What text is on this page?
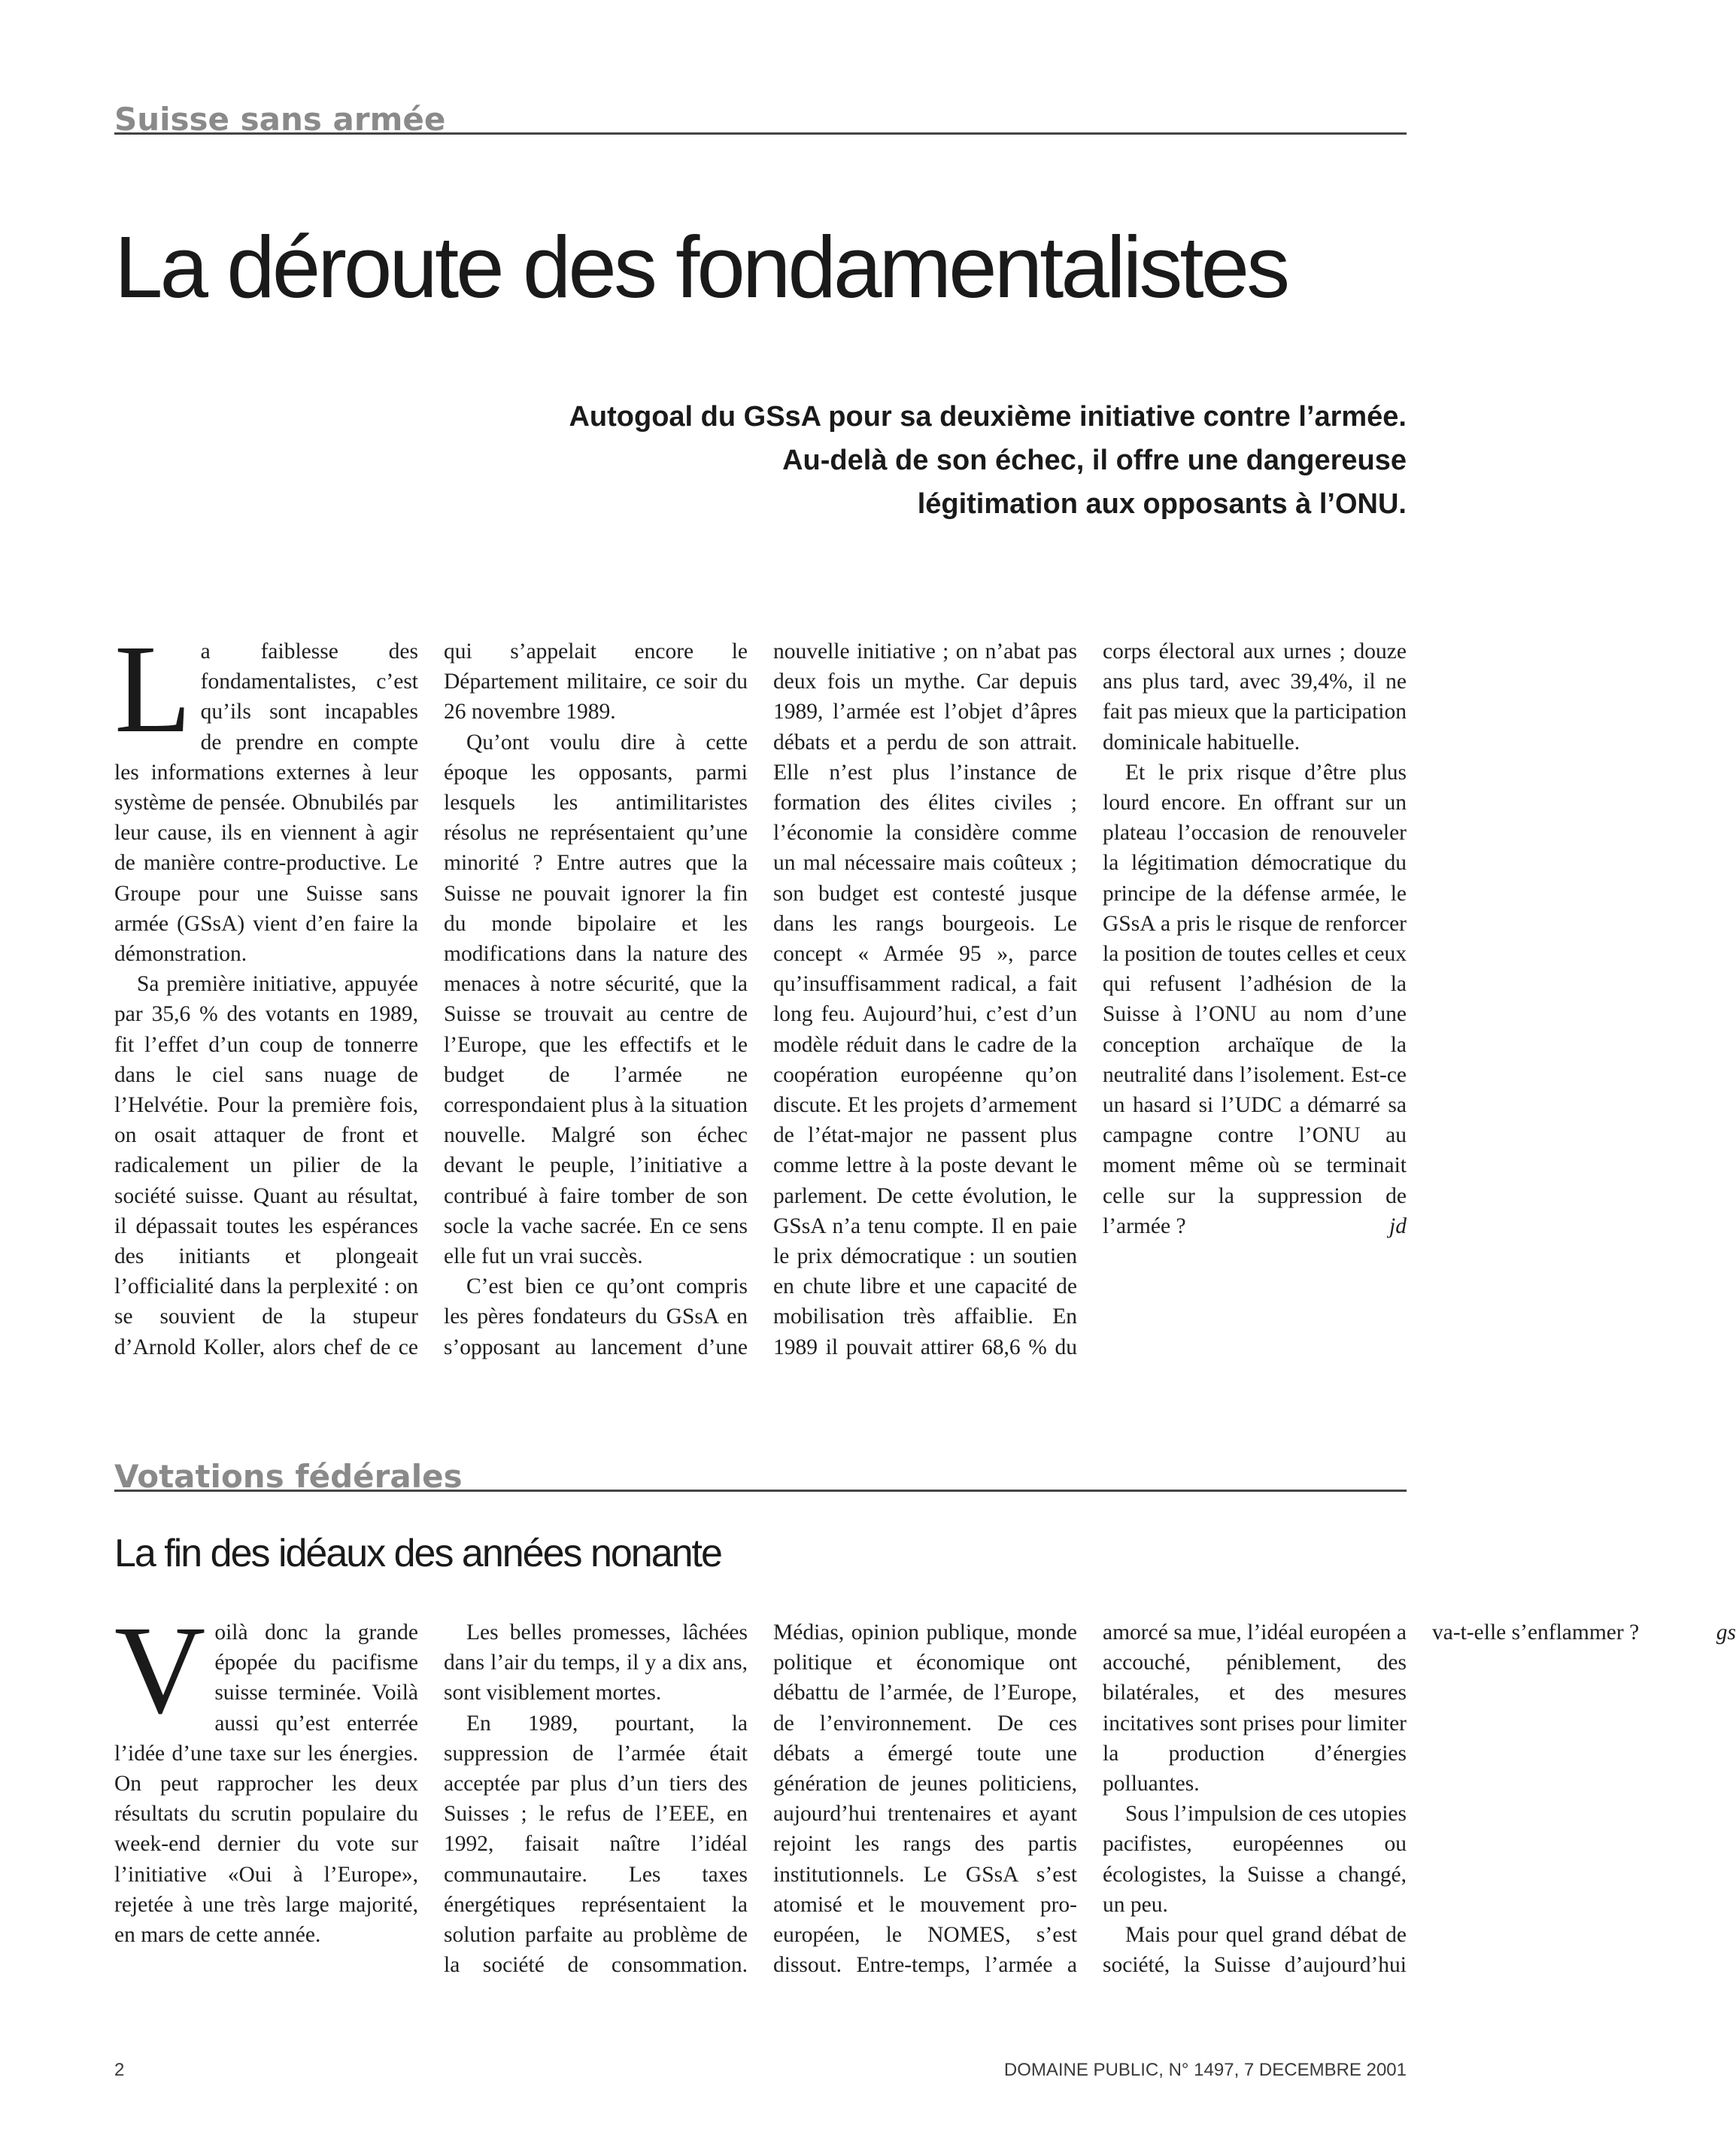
Suisse sans armée
La déroute des fondamentalistes
Autogoal du GSsA pour sa deuxième initiative contre l’armée.
Au-delà de son échec, il offre une dangereuse
légitimation aux opposants à l’ONU.

La faiblesse des fondamentalistes, c’est qu’ils sont incapables de prendre en compte les informations externes à leur système de pensée. Obnubilés par leur cause, ils en viennent à agir de manière contre-productive. Le Groupe pour une Suisse sans armée (GSsA) vient d’en faire la démonstration.

Sa première initiative, appuyée par 35,6 % des votants en 1989, fit l’effet d’un coup de tonnerre dans le ciel sans nuage de l’Helvétie. Pour la première fois, on osait attaquer de front et radicalement un pilier de la société suisse. Quant au résultat, il dépassait toutes les espérances des initiants et plongeait l’officialité dans la perplexité : on se souvient de la stupeur d’Arnold Koller, alors chef de ce qui s’appelait encore le Département militaire, ce soir du 26 novembre 1989.

Qu’ont voulu dire à cette époque les opposants, parmi lesquels les antimilitaristes résolus ne représentaient qu’une minorité ? Entre autres que la Suisse ne pouvait ignorer la fin du monde bipolaire et les modifications dans la nature des menaces à notre sécurité, que la Suisse se trouvait au centre de l’Europe, que les effectifs et le budget de l’armée ne correspondaient plus à la situation nouvelle. Malgré son échec devant le peuple, l’initiative a contribué à faire tomber de son socle la vache sacrée. En ce sens elle fut un vrai succès.

C’est bien ce qu’ont compris les pères fondateurs du GSsA en s’opposant au lancement d’une nouvelle initiative ; on n’abat pas deux fois un mythe. Car depuis 1989, l’armée est l’objet d’âpres débats et a perdu de son attrait. Elle n’est plus l’instance de formation des élites civiles ; l’économie la considère comme un mal nécessaire mais coûteux ; son budget est contesté jusque dans les rangs bourgeois. Le concept « Armée 95 », parce qu’insuffisamment radical, a fait long feu. Aujourd’hui, c’est d’un modèle réduit dans le cadre de la coopération européenne qu’on discute. Et les projets d’armement de l’état-major ne passent plus comme lettre à la poste devant le parlement. De cette évolution, le GSsA n’a tenu compte. Il en paie le prix démocratique : un soutien en chute libre et une capacité de mobilisation très affaiblie. En 1989 il pouvait attirer 68,6 % du corps électoral aux urnes ; douze ans plus tard, avec 39,4%, il ne fait pas mieux que la participation dominicale habituelle.

Et le prix risque d’être plus lourd encore. En offrant sur un plateau l’occasion de renouveler la légitimation démocratique du principe de la défense armée, le GSsA a pris le risque de renforcer la position de toutes celles et ceux qui refusent l’adhésion de la Suisse à l’ONU au nom d’une conception archaïque de la neutralité dans l’isolement. Est-ce un hasard si l’UDC a démarré sa campagne contre l’ONU au moment même où se terminait celle sur la suppression de l’armée ?	jd

Votations fédérales
La fin des idéaux des années nonante

Voilà donc la grande épopée du pacifisme suisse terminée. Voilà aussi qu’est enterrée l’idée d’une taxe sur les énergies. On peut rapprocher les deux résultats du scrutin populaire du week-end dernier du vote sur l’initiative «Oui à l’Europe», rejetée à une très large majorité, en mars de cette année.

Les belles promesses, lâchées dans l’air du temps, il y a dix ans, sont visiblement mortes.

En 1989, pourtant, la suppression de l’armée était acceptée par plus d’un tiers des Suisses ; le refus de l’EEE, en 1992, faisait naître l’idéal communautaire. Les taxes énergétiques représentaient la solution parfaite au problème de la société de consommation. Médias, opinion publique, monde politique et économique ont débattu de l’armée, de l’Europe, de l’environnement. De ces débats a émergé toute une génération de jeunes politiciens, aujourd’hui trentenaires et ayant rejoint les rangs des partis institutionnels. Le GSsA s’est atomisé et le mouvement pro-européen, le NOMES, s’est dissout. Entre-temps, l’armée a amorcé sa mue, l’idéal européen a accouché, péniblement, des bilatérales, et des mesures incitatives sont prises pour limiter la production d’énergies polluantes.

Sous l’impulsion de ces utopies pacifistes, européennes ou écologistes, la Suisse a changé, un peu.

Mais pour quel grand débat de société, la Suisse d’aujourd’hui va-t-elle s’enflammer ?	gs

2	DOMAINE PUBLIC, N° 1497, 7 DECEMBRE 2001
